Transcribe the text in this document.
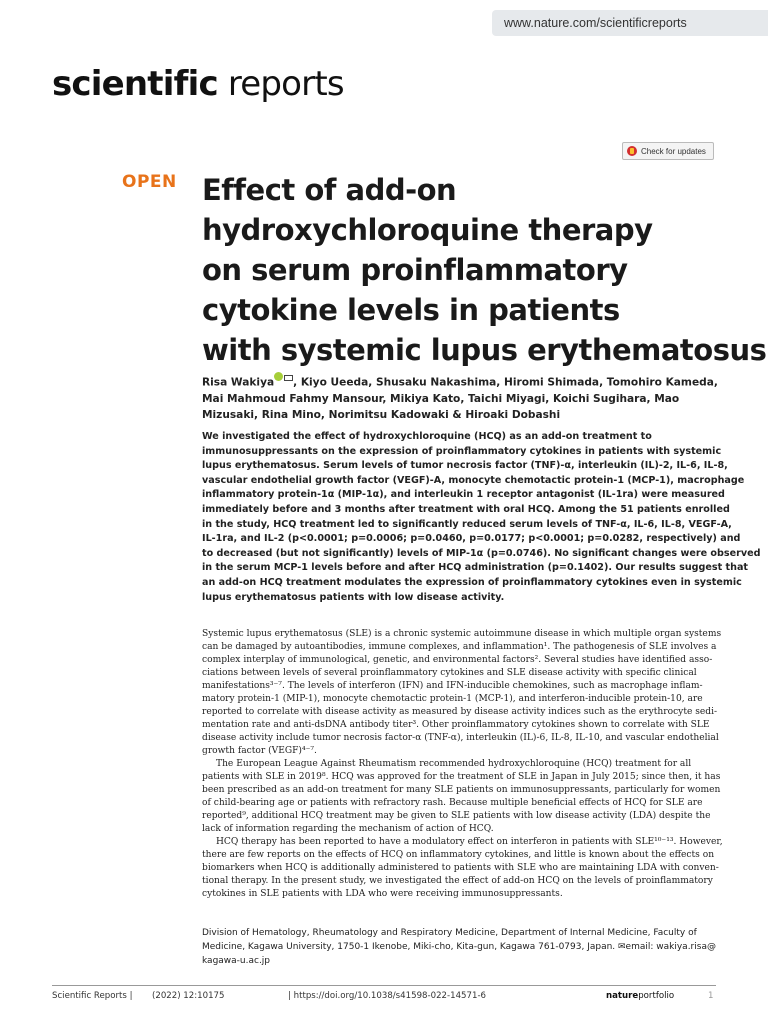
www.nature.com/scientificreports
scientific reports
Check for updates
OPEN Effect of add-on
hydroxychloroquine therapy
on serum proinflammatory
cytokine levels in patients
with systemic lupus erythematosus
Risa Wakiya , Kiyo Ueeda, Shusaku Nakashima, Hiromi Shimada, Tomohiro Kameda, Mai Mahmoud Fahmy Mansour, Mikiya Kato, Taichi Miyagi, Koichi Sugihara, Mao Mizusaki, Rina Mino, Norimitsu Kadowaki & Hiroaki Dobashi
We investigated the effect of hydroxychloroquine (HCQ) as an add-on treatment to
immunosuppressants on the expression of proinflammatory cytokines in patients with systemic
lupus erythematosus. Serum levels of tumor necrosis factor (TNF)-α, interleukin (IL)-2, IL-6, IL-8,
vascular endothelial growth factor (VEGF)-A, monocyte chemotactic protein-1 (MCP-1), macrophage
inflammatory protein-1α (MIP-1α), and interleukin 1 receptor antagonist (IL-1ra) were measured
immediately before and 3 months after treatment with oral HCQ. Among the 51 patients enrolled
in the study, HCQ treatment led to significantly reduced serum levels of TNF-α, IL-6, IL-8, VEGF-A,
IL-1ra, and IL-2 (p<0.0001; p=0.0006; p=0.0460, p=0.0177; p<0.0001; p=0.0282, respectively) and
to decreased (but not significantly) levels of MIP-1α (p=0.0746). No significant changes were observed
in the serum MCP-1 levels before and after HCQ administration (p=0.1402). Our results suggest that
an add-on HCQ treatment modulates the expression of proinflammatory cytokines even in systemic
lupus erythematosus patients with low disease activity.
Systemic lupus erythematosus (SLE) is a chronic systemic autoimmune disease in which multiple organ systems
can be damaged by autoantibodies, immune complexes, and inflammation¹. The pathogenesis of SLE involves a
complex interplay of immunological, genetic, and environmental factors². Several studies have identified asso-
ciations between levels of several proinflammatory cytokines and SLE disease activity with specific clinical
manifestations³⁻⁷. The levels of interferon (IFN) and IFN-inducible chemokines, such as macrophage inflam-
matory protein-1 (MIP-1), monocyte chemotactic protein-1 (MCP-1), and interferon-inducible protein-10, are
reported to correlate with disease activity as measured by disease activity indices such as the erythrocyte sedi-
mentation rate and anti-dsDNA antibody titer³. Other proinflammatory cytokines shown to correlate with SLE
disease activity include tumor necrosis factor-α (TNF-α), interleukin (IL)-6, IL-8, IL-10, and vascular endothelial
growth factor (VEGF)⁴⁻⁷.
The European League Against Rheumatism recommended hydroxychloroquine (HCQ) treatment for all
patients with SLE in 2019⁸. HCQ was approved for the treatment of SLE in Japan in July 2015; since then, it has
been prescribed as an add-on treatment for many SLE patients on immunosuppressants, particularly for women
of child-bearing age or patients with refractory rash. Because multiple beneficial effects of HCQ for SLE are
reported⁹, additional HCQ treatment may be given to SLE patients with low disease activity (LDA) despite the
lack of information regarding the mechanism of action of HCQ.
HCQ therapy has been reported to have a modulatory effect on interferon in patients with SLE¹⁰⁻¹³. However,
there are few reports on the effects of HCQ on inflammatory cytokines, and little is known about the effects on
biomarkers when HCQ is additionally administered to patients with SLE who are maintaining LDA with conven-
tional therapy. In the present study, we investigated the effect of add-on HCQ on the levels of proinflammatory
cytokines in SLE patients with LDA who were receiving immunosuppressants.
Division of Hematology, Rheumatology and Respiratory Medicine, Department of Internal Medicine, Faculty of
Medicine, Kagawa University, 1750-1 Ikenobe, Miki-cho, Kita-gun, Kagawa 761-0793, Japan. ✉email: wakiya.risa@
kagawa-u.ac.jp
Scientific Reports | (2022) 12:10175	| https://doi.org/10.1038/s41598-022-14571-6	natureportfolio	1
